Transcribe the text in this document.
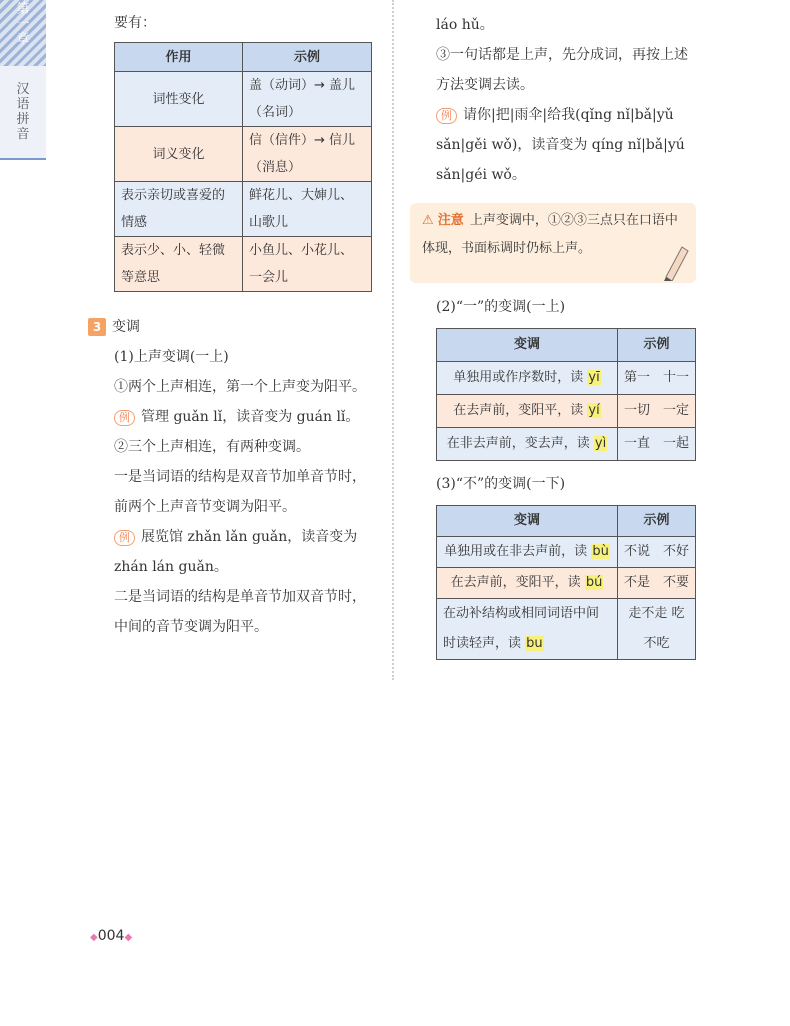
第
一
章
汉
语
拼
音

要有：

作用	示例
词性变化	盖（动词）→ 盖儿（名词）
词义变化	信（信件）→ 信儿（消息）
表示亲切或喜爱的情感	鲜花儿、大婶儿、山歌儿
表示少、小、轻微等意思	小鱼儿、小花儿、一会儿

3 变调

(1)上声变调(一上)

①两个上声相连，第一个上声变为阳平。

例 管理 guǎn lǐ，读音变为 guán lǐ。

②三个上声相连，有两种变调。

一是当词语的结构是双音节加单音节时，前两个上声音节变调为阳平。

例 展览馆 zhǎn lǎn guǎn，读音变为 zhán lán guǎn。

二是当词语的结构是单音节加双音节时，中间的音节变调为阳平。

láo hǔ。

③一句话都是上声，先分成词，再按上述方法变调去读。

例 请你|把|雨伞|给我(qǐng nǐ|bǎ|yǔ sǎn|gěi wǒ)，读音变为 qíng nǐ|bǎ|yú sǎn|géi wǒ。

⚠ 注意 上声变调中，①②③三点只在口语中体现，书面标调时仍标上声。

(2)“一”的变调(一上)

变调	示例
单独用或作序数时，读 yī	第一　十一
在去声前，变阳平，读 yí	一切　一定
在非去声前，变去声，读 yì	一直　一起

(3)“不”的变调(一下)

变调	示例
单独用或在非去声前，读 bù	不说　不好
在去声前，变阳平，读 bú	不是　不要
在动补结构或相同词语中间时读轻声，读 bu	走不走 吃不吃
◆004◆
